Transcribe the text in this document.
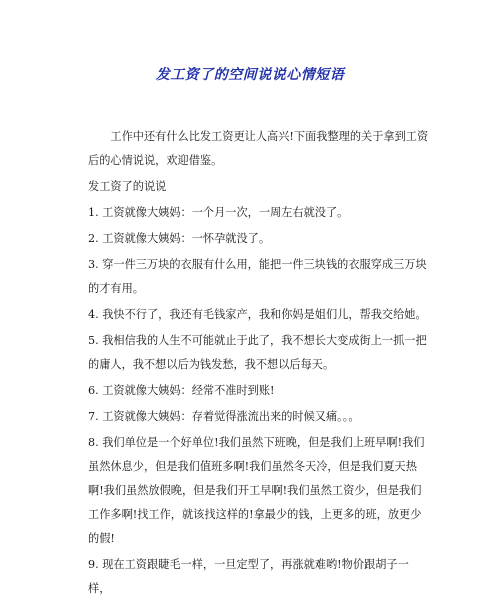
发工资了的空间说说心情短语

工作中还有什么比发工资更让人高兴!下面我整理的关于拿到工资后的心情说说，欢迎借鉴。

发工资了的说说

1. 工资就像大姨妈：一个月一次，一周左右就没了。

2. 工资就像大姨妈：一怀孕就没了。

3. 穿一件三万块的衣服有什么用，能把一件三块钱的衣服穿成三万块的才有用。

4. 我快不行了，我还有毛钱家产，我和你妈是姐们儿，帮我交给她。

5. 我相信我的人生不可能就止于此了，我不想长大变成街上一抓一把的庸人，我不想以后为钱发愁，我不想以后每天。

6. 工资就像大姨妈：经常不准时到账!

7. 工资就像大姨妈：存着觉得涨流出来的时候又痛。。。

8. 我们单位是一个好单位!我们虽然下班晚，但是我们上班早啊!我们虽然休息少，但是我们值班多啊!我们虽然冬天冷，但是我们夏天热啊!我们虽然放假晚，但是我们开工早啊!我们虽然工资少，但是我们工作多啊!找工作，就该找这样的!拿最少的钱，上更多的班，放更少的假!

9. 现在工资跟睫毛一样，一旦定型了，再涨就难哟!物价跟胡子一样，
